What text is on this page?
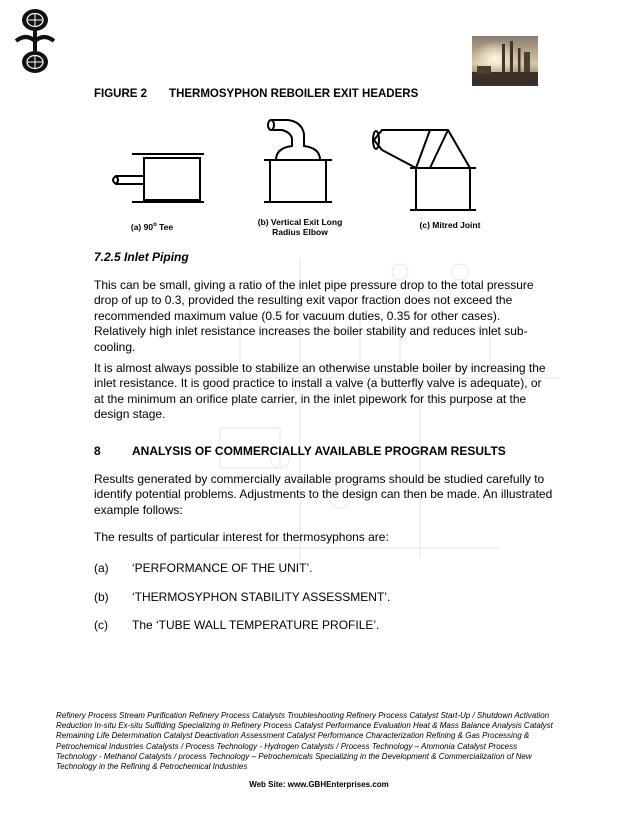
FIGURE 2 THERMOSYPHON REBOILER EXIT HEADERS
(a) 90$^o$ Tee	(b) Vertical Exit Long
Radius Elbow
(c) Mitred Joint
7.2.5 Inlet Piping
This can be small, giving a ratio of the inlet pipe pressure drop to the total pressure drop of up to 0.3, provided the resulting exit vapor fraction does not exceed the recommended maximum value (0.5 for vacuum duties, 0.35 for other cases). Relatively high inlet resistance increases the boiler stability and reduces inlet sub-cooling.
It is almost always possible to stabilize an otherwise unstable boiler by increasing the inlet resistance. It is good practice to install a valve (a butterfly valve is adequate), or at the minimum an orifice plate carrier, in the inlet pipework for this purpose at the design stage.
8	ANALYSIS OF COMMERCIALLY AVAILABLE PROGRAM RESULTS
Results generated by commercially available programs should be studied carefully to identify potential problems. Adjustments to the design can then be made. An illustrated example follows:
The results of particular interest for thermosyphons are:
(a) ‘PERFORMANCE OF THE UNIT’.
(b) ‘THERMOSYPHON STABILITY ASSESSMENT’.
(c) The ‘TUBE WALL TEMPERATURE PROFILE’.
Refinery Process Stream Purification Refinery Process Catalysts Troubleshooting Refinery Process Catalyst Start-Up / Shutdown Activation Reduction In-situ Ex-situ Sulfiding Specializing in Refinery Process Catalyst Performance Evaluation Heat & Mass Balance Analysis Catalyst Remaining Life Determination Catalyst Deactivation Assessment Catalyst Performance Characterization Refining & Gas Processing & Petrochemical Industries Catalysts / Process Technology - Hydrogen Catalysts / Process Technology – Ammonia Catalyst Process Technology - Methanol Catalysts / process Technology – Petrochemicals Specializing in the Development & Commercialization of New Technology in the Refining & Petrochemical Industries
Web Site: www.GBHEnterprises.com
